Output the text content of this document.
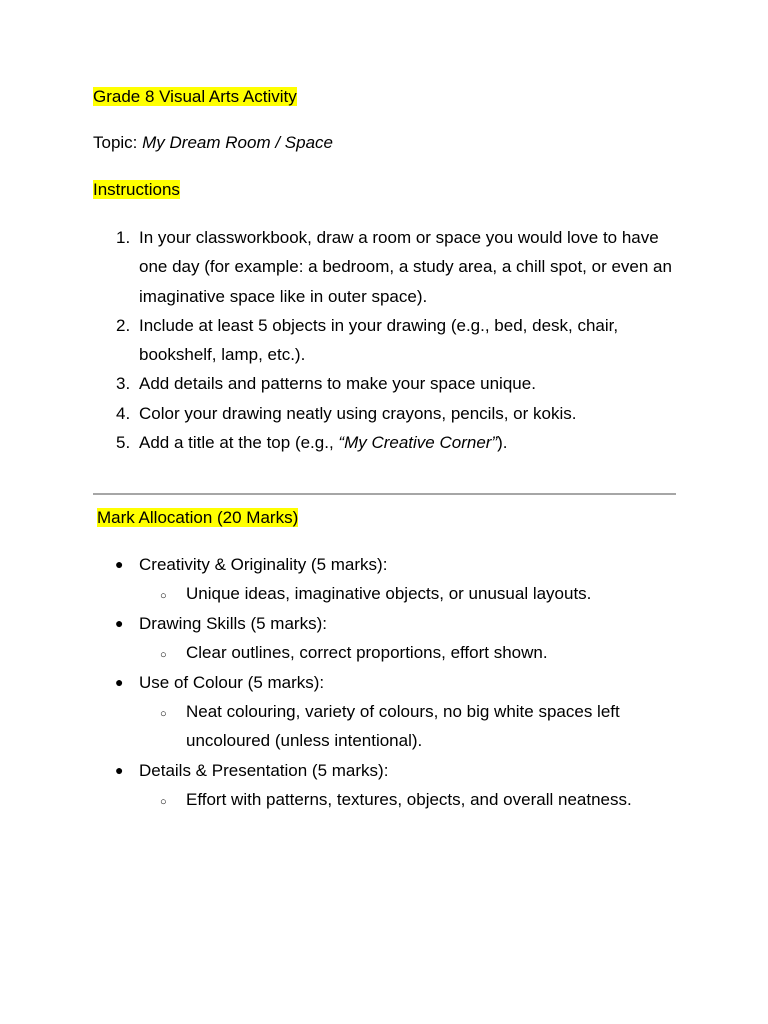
Grade 8 Visual Arts Activity
Topic: My Dream Room / Space
Instructions
1. In your classworkbook, draw a room or space you would love to have one day (for example: a bedroom, a study area, a chill spot, or even an imaginative space like in outer space).
2. Include at least 5 objects in your drawing (e.g., bed, desk, chair, bookshelf, lamp, etc.).
3. Add details and patterns to make your space unique.
4. Color your drawing neatly using crayons, pencils, or kokis.
5. Add a title at the top (e.g., “My Creative Corner”).
Mark Allocation (20 Marks)
● Creativity & Originality (5 marks):
○ Unique ideas, imaginative objects, or unusual layouts.
● Drawing Skills (5 marks):
○ Clear outlines, correct proportions, effort shown.
● Use of Colour (5 marks):
○ Neat colouring, variety of colours, no big white spaces left uncoloured (unless intentional).
● Details & Presentation (5 marks):
○ Effort with patterns, textures, objects, and overall neatness.
